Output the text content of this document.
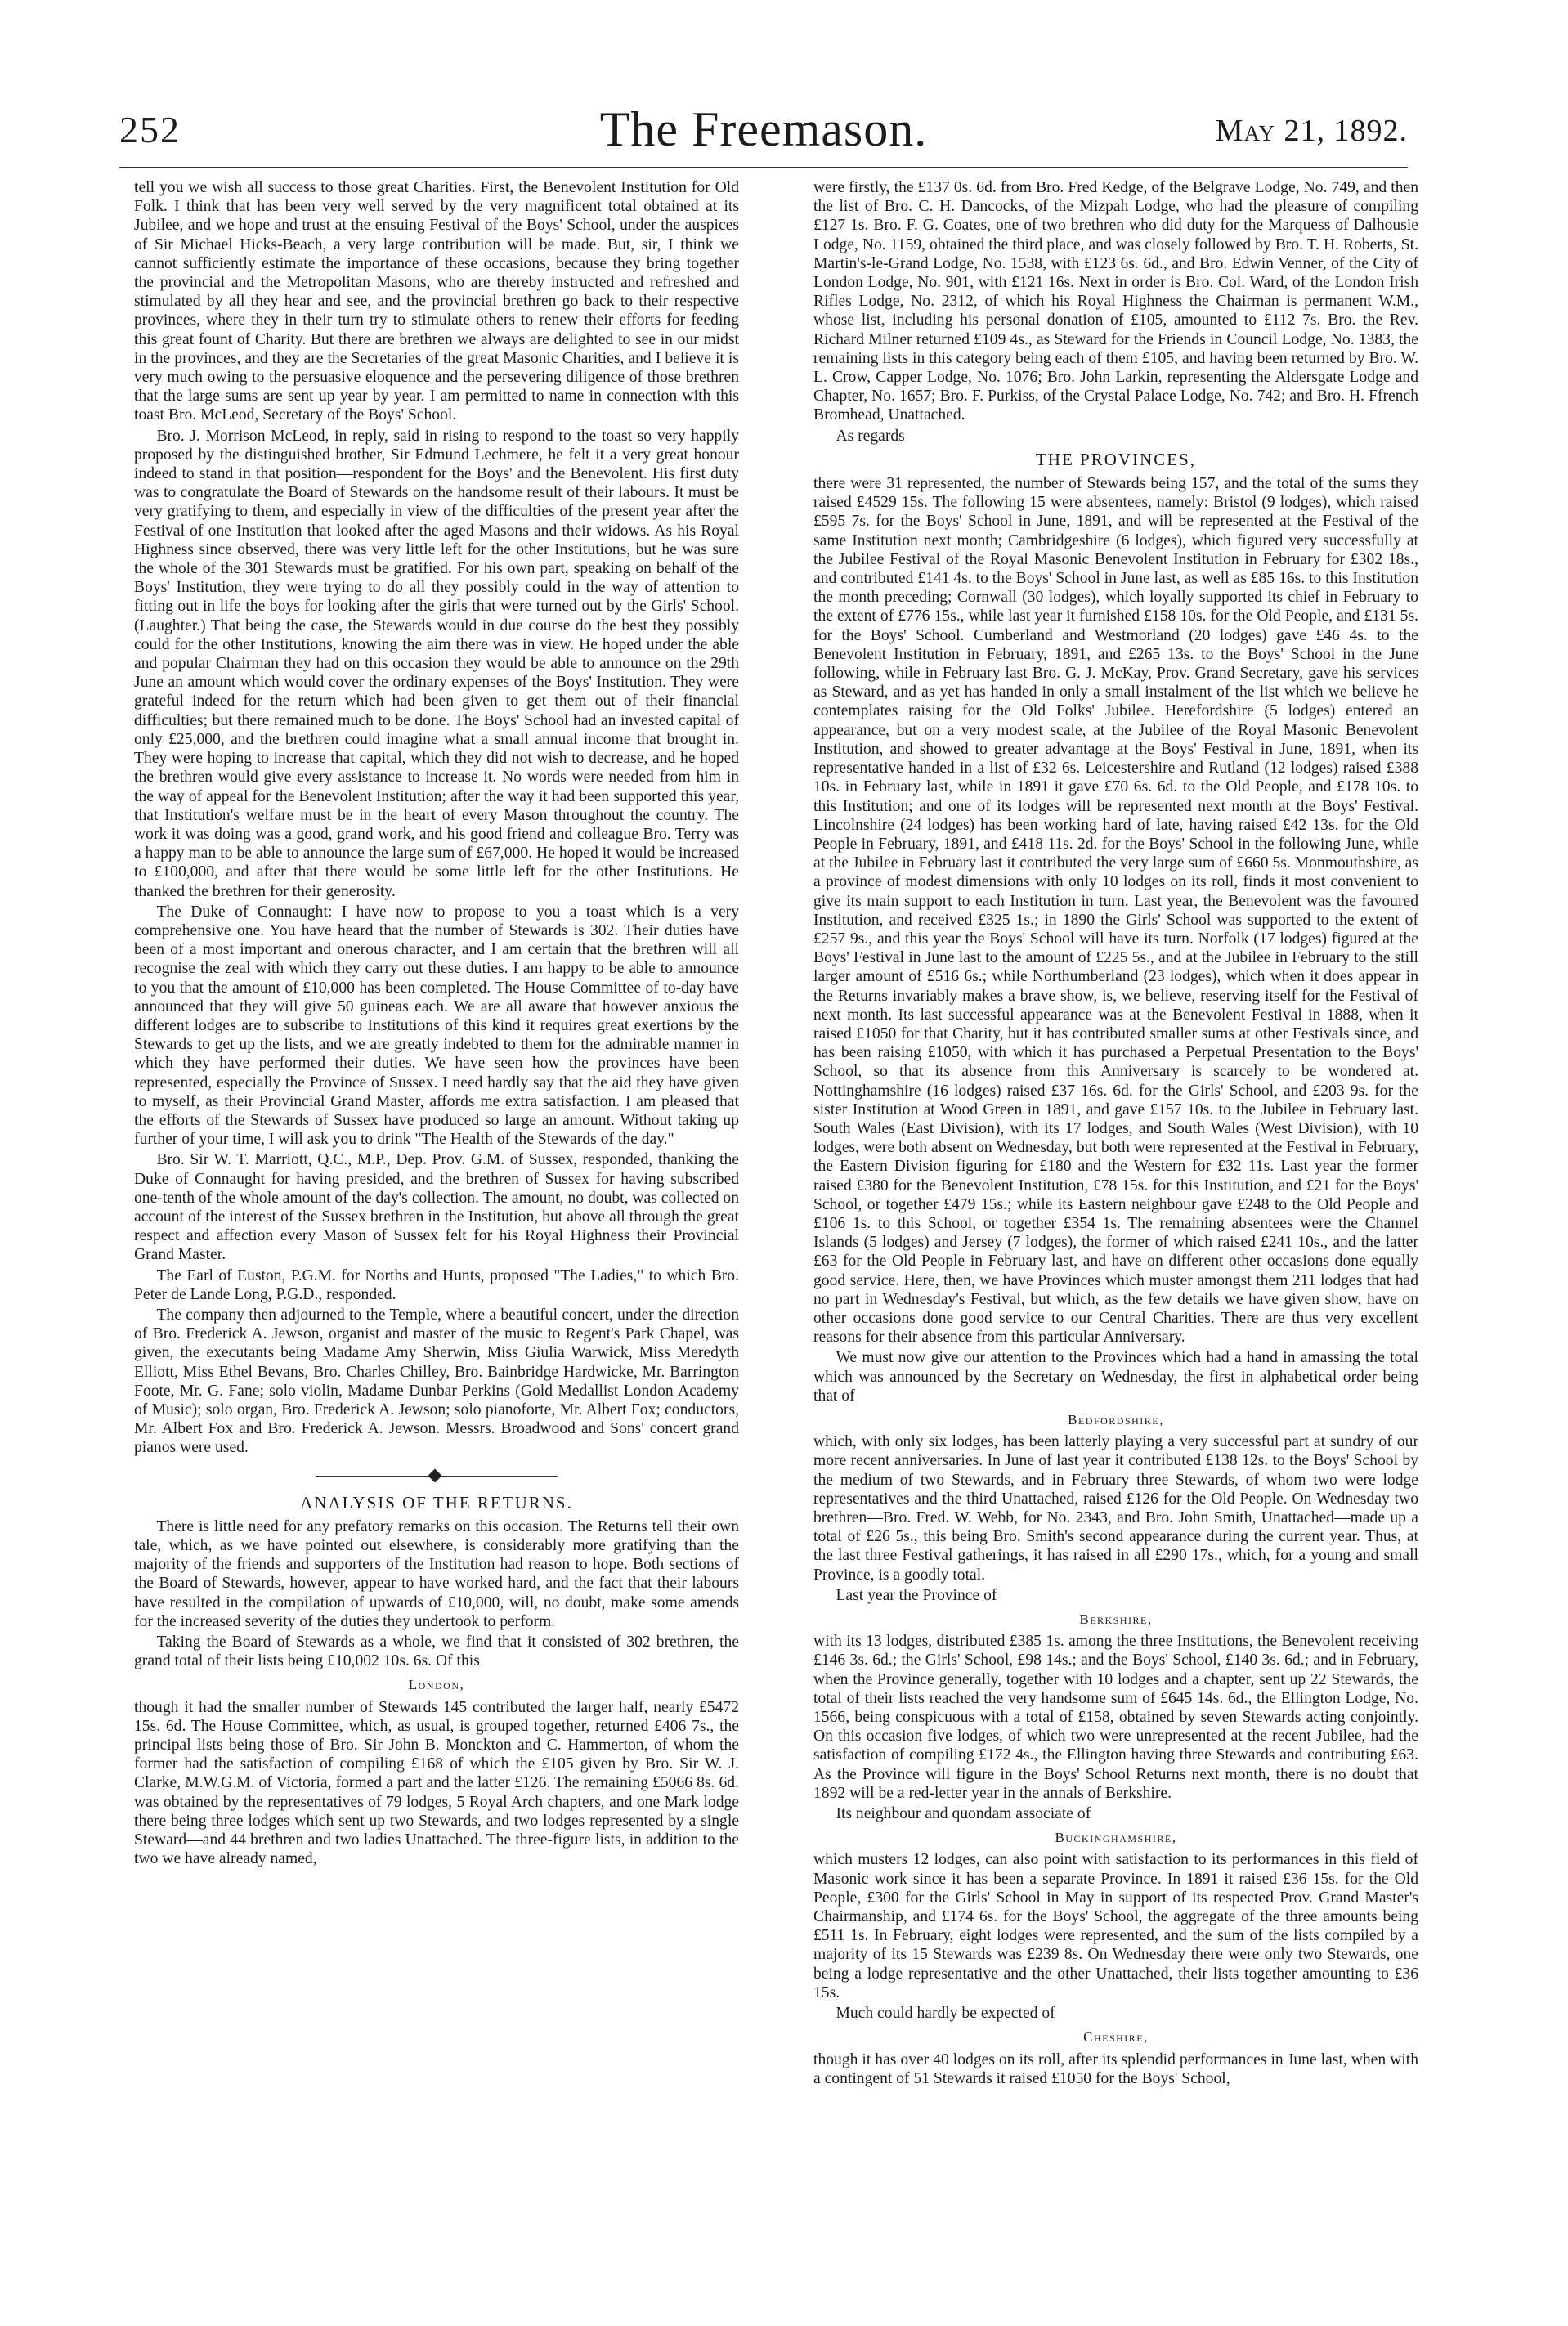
252	The Freemason.	May 21, 1892.

tell you we wish all success to those great Charities. First, the Benevolent Institution for Old Folk. I think that has been very well served by the very magnificent total obtained at its Jubilee, and we hope and trust at the ensuing Festival of the Boys' School, under the auspices of Sir Michael Hicks-Beach, a very large contribution will be made. But, sir, I think we cannot sufficiently estimate the importance of these occasions, because they bring together the provincial and the Metropolitan Masons, who are thereby instructed and refreshed and stimulated by all they hear and see, and the provincial brethren go back to their respective provinces, where they in their turn try to stimulate others to renew their efforts for feeding this great fount of Charity. But there are brethren we always are delighted to see in our midst in the provinces, and they are the Secretaries of the great Masonic Charities, and I believe it is very much owing to the persuasive eloquence and the persevering diligence of those brethren that the large sums are sent up year by year. I am permitted to name in connection with this toast Bro. McLeod, Secretary of the Boys' School.

Bro. J. Morrison McLeod, in reply, said in rising to respond to the toast so very happily proposed by the distinguished brother, Sir Edmund Lechmere, he felt it a very great honour indeed to stand in that position—respondent for the Boys' and the Benevolent. His first duty was to congratulate the Board of Stewards on the handsome result of their labours. It must be very gratifying to them, and especially in view of the difficulties of the present year after the Festival of one Institution that looked after the aged Masons and their widows. As his Royal Highness since observed, there was very little left for the other Institutions, but he was sure the whole of the 301 Stewards must be gratified. For his own part, speaking on behalf of the Boys' Institution, they were trying to do all they possibly could in the way of attention to fitting out in life the boys for looking after the girls that were turned out by the Girls' School. (Laughter.) That being the case, the Stewards would in due course do the best they possibly could for the other Institutions, knowing the aim there was in view. He hoped under the able and popular Chairman they had on this occasion they would be able to announce on the 29th June an amount which would cover the ordinary expenses of the Boys' Institution. They were grateful indeed for the return which had been given to get them out of their financial difficulties; but there remained much to be done. The Boys' School had an invested capital of only £25,000, and the brethren could imagine what a small annual income that brought in. They were hoping to increase that capital, which they did not wish to decrease, and he hoped the brethren would give every assistance to increase it. No words were needed from him in the way of appeal for the Benevolent Institution; after the way it had been supported this year, that Institution's welfare must be in the heart of every Mason throughout the country. The work it was doing was a good, grand work, and his good friend and colleague Bro. Terry was a happy man to be able to announce the large sum of £67,000. He hoped it would be increased to £100,000, and after that there would be some little left for the other Institutions. He thanked the brethren for their generosity.

The Duke of Connaught: I have now to propose to you a toast which is a very comprehensive one. You have heard that the number of Stewards is 302. Their duties have been of a most important and onerous character, and I am certain that the brethren will all recognise the zeal with which they carry out these duties. I am happy to be able to announce to you that the amount of £10,000 has been completed. The House Committee of to-day have announced that they will give 50 guineas each. We are all aware that however anxious the different lodges are to subscribe to Institutions of this kind it requires great exertions by the Stewards to get up the lists, and we are greatly indebted to them for the admirable manner in which they have performed their duties. We have seen how the provinces have been represented, especially the Province of Sussex. I need hardly say that the aid they have given to myself, as their Provincial Grand Master, affords me extra satisfaction. I am pleased that the efforts of the Stewards of Sussex have produced so large an amount. Without taking up further of your time, I will ask you to drink "The Health of the Stewards of the day."

Bro. Sir W. T. Marriott, Q.C., M.P., Dep. Prov. G.M. of Sussex, responded, thanking the Duke of Connaught for having presided, and the brethren of Sussex for having subscribed one-tenth of the whole amount of the day's collection. The amount, no doubt, was collected on account of the interest of the Sussex brethren in the Institution, but above all through the great respect and affection every Mason of Sussex felt for his Royal Highness their Provincial Grand Master.

The Earl of Euston, P.G.M. for Norths and Hunts, proposed "The Ladies," to which Bro. Peter de Lande Long, P.G.D., responded.

The company then adjourned to the Temple, where a beautiful concert, under the direction of Bro. Frederick A. Jewson, organist and master of the music to Regent's Park Chapel, was given, the executants being Madame Amy Sherwin, Miss Giulia Warwick, Miss Meredyth Elliott, Miss Ethel Bevans, Bro. Charles Chilley, Bro. Bainbridge Hardwicke, Mr. Barrington Foote, Mr. G. Fane; solo violin, Madame Dunbar Perkins (Gold Medallist London Academy of Music); solo organ, Bro. Frederick A. Jewson; solo pianoforte, Mr. Albert Fox; conductors, Mr. Albert Fox and Bro. Frederick A. Jewson. Messrs. Broadwood and Sons' concert grand pianos were used.

ANALYSIS OF THE RETURNS.

There is little need for any prefatory remarks on this occasion. The Returns tell their own tale, which, as we have pointed out elsewhere, is considerably more gratifying than the majority of the friends and supporters of the Institution had reason to hope. Both sections of the Board of Stewards, however, appear to have worked hard, and the fact that their labours have resulted in the compilation of upwards of £10,000, will, no doubt, make some amends for the increased severity of the duties they undertook to perform.

Taking the Board of Stewards as a whole, we find that it consisted of 302 brethren, the grand total of their lists being £10,002 10s. 6s. Of this

London,

though it had the smaller number of Stewards 145 contributed the larger half, nearly £5472 15s. 6d. The House Committee, which, as usual, is grouped together, returned £406 7s., the principal lists being those of Bro. Sir John B. Monckton and C. Hammerton, of whom the former had the satisfaction of compiling £168 of which the £105 given by Bro. Sir W. J. Clarke, M.W.G.M. of Victoria, formed a part and the latter £126. The remaining £5066 8s. 6d. was obtained by the representatives of 79 lodges, 5 Royal Arch chapters, and one Mark lodge there being three lodges which sent up two Stewards, and two lodges represented by a single Steward—and 44 brethren and two ladies Unattached. The three-figure lists, in addition to the two we have already named,

were firstly, the £137 0s. 6d. from Bro. Fred Kedge, of the Belgrave Lodge, No. 749, and then the list of Bro. C. H. Dancocks, of the Mizpah Lodge, who had the pleasure of compiling £127 1s. Bro. F. G. Coates, one of two brethren who did duty for the Marquess of Dalhousie Lodge, No. 1159, obtained the third place, and was closely followed by Bro. T. H. Roberts, St. Martin's-le-Grand Lodge, No. 1538, with £123 6s. 6d., and Bro. Edwin Venner, of the City of London Lodge, No. 901, with £121 16s. Next in order is Bro. Col. Ward, of the London Irish Rifles Lodge, No. 2312, of which his Royal Highness the Chairman is permanent W.M., whose list, including his personal donation of £105, amounted to £112 7s. Bro. the Rev. Richard Milner returned £109 4s., as Steward for the Friends in Council Lodge, No. 1383, the remaining lists in this category being each of them £105, and having been returned by Bro. W. L. Crow, Capper Lodge, No. 1076; Bro. John Larkin, representing the Aldersgate Lodge and Chapter, No. 1657; Bro. F. Purkiss, of the Crystal Palace Lodge, No. 742; and Bro. H. Ffrench Bromhead, Unattached.

As regards

THE PROVINCES,

there were 31 represented, the number of Stewards being 157, and the total of the sums they raised £4529 15s. The following 15 were absentees, namely: Bristol (9 lodges), which raised £595 7s. for the Boys' School in June, 1891, and will be represented at the Festival of the same Institution next month; Cambridgeshire (6 lodges), which figured very successfully at the Jubilee Festival of the Royal Masonic Benevolent Institution in February for £302 18s., and contributed £141 4s. to the Boys' School in June last, as well as £85 16s. to this Institution the month preceding; Cornwall (30 lodges), which loyally supported its chief in February to the extent of £776 15s., while last year it furnished £158 10s. for the Old People, and £131 5s. for the Boys' School. Cumberland and Westmorland (20 lodges) gave £46 4s. to the Benevolent Institution in February, 1891, and £265 13s. to the Boys' School in the June following, while in February last Bro. G. J. McKay, Prov. Grand Secretary, gave his services as Steward, and as yet has handed in only a small instalment of the list which we believe he contemplates raising for the Old Folks' Jubilee. Herefordshire (5 lodges) entered an appearance, but on a very modest scale, at the Jubilee of the Royal Masonic Benevolent Institution, and showed to greater advantage at the Boys' Festival in June, 1891, when its representative handed in a list of £32 6s. Leicestershire and Rutland (12 lodges) raised £388 10s. in February last, while in 1891 it gave £70 6s. 6d. to the Old People, and £178 10s. to this Institution; and one of its lodges will be represented next month at the Boys' Festival. Lincolnshire (24 lodges) has been working hard of late, having raised £42 13s. for the Old People in February, 1891, and £418 11s. 2d. for the Boys' School in the following June, while at the Jubilee in February last it contributed the very large sum of £660 5s. Monmouthshire, as a province of modest dimensions with only 10 lodges on its roll, finds it most convenient to give its main support to each Institution in turn. Last year, the Benevolent was the favoured Institution, and received £325 1s.; in 1890 the Girls' School was supported to the extent of £257 9s., and this year the Boys' School will have its turn. Norfolk (17 lodges) figured at the Boys' Festival in June last to the amount of £225 5s., and at the Jubilee in February to the still larger amount of £516 6s.; while Northumberland (23 lodges), which when it does appear in the Returns invariably makes a brave show, is, we believe, reserving itself for the Festival of next month. Its last successful appearance was at the Benevolent Festival in 1888, when it raised £1050 for that Charity, but it has contributed smaller sums at other Festivals since, and has been raising £1050, with which it has purchased a Perpetual Presentation to the Boys' School, so that its absence from this Anniversary is scarcely to be wondered at. Nottinghamshire (16 lodges) raised £37 16s. 6d. for the Girls' School, and £203 9s. for the sister Institution at Wood Green in 1891, and gave £157 10s. to the Jubilee in February last. South Wales (East Division), with its 17 lodges, and South Wales (West Division), with 10 lodges, were both absent on Wednesday, but both were represented at the Festival in February, the Eastern Division figuring for £180 and the Western for £32 11s. Last year the former raised £380 for the Benevolent Institution, £78 15s. for this Institution, and £21 for the Boys' School, or together £479 15s.; while its Eastern neighbour gave £248 to the Old People and £106 1s. to this School, or together £354 1s. The remaining absentees were the Channel Islands (5 lodges) and Jersey (7 lodges), the former of which raised £241 10s., and the latter £63 for the Old People in February last, and have on different other occasions done equally good service. Here, then, we have Provinces which muster amongst them 211 lodges that had no part in Wednesday's Festival, but which, as the few details we have given show, have on other occasions done good service to our Central Charities. There are thus very excellent reasons for their absence from this particular Anniversary.

We must now give our attention to the Provinces which had a hand in amassing the total which was announced by the Secretary on Wednesday, the first in alphabetical order being that of

Bedfordshire,

which, with only six lodges, has been latterly playing a very successful part at sundry of our more recent anniversaries. In June of last year it contributed £138 12s. to the Boys' School by the medium of two Stewards, and in February three Stewards, of whom two were lodge representatives and the third Unattached, raised £126 for the Old People. On Wednesday two brethren—Bro. Fred. W. Webb, for No. 2343, and Bro. John Smith, Unattached—made up a total of £26 5s., this being Bro. Smith's second appearance during the current year. Thus, at the last three Festival gatherings, it has raised in all £290 17s., which, for a young and small Province, is a goodly total.

Last year the Province of

Berkshire,

with its 13 lodges, distributed £385 1s. among the three Institutions, the Benevolent receiving £146 3s. 6d.; the Girls' School, £98 14s.; and the Boys' School, £140 3s. 6d.; and in February, when the Province generally, together with 10 lodges and a chapter, sent up 22 Stewards, the total of their lists reached the very handsome sum of £645 14s. 6d., the Ellington Lodge, No. 1566, being conspicuous with a total of £158, obtained by seven Stewards acting conjointly. On this occasion five lodges, of which two were unrepresented at the recent Jubilee, had the satisfaction of compiling £172 4s., the Ellington having three Stewards and contributing £63. As the Province will figure in the Boys' School Returns next month, there is no doubt that 1892 will be a red-letter year in the annals of Berkshire.

Its neighbour and quondam associate of

Buckinghamshire,

which musters 12 lodges, can also point with satisfaction to its performances in this field of Masonic work since it has been a separate Province. In 1891 it raised £36 15s. for the Old People, £300 for the Girls' School in May in support of its respected Prov. Grand Master's Chairmanship, and £174 6s. for the Boys' School, the aggregate of the three amounts being £511 1s. In February, eight lodges were represented, and the sum of the lists compiled by a majority of its 15 Stewards was £239 8s. On Wednesday there were only two Stewards, one being a lodge representative and the other Unattached, their lists together amounting to £36 15s.

Much could hardly be expected of

Cheshire,

though it has over 40 lodges on its roll, after its splendid performances in June last, when with a contingent of 51 Stewards it raised £1050 for the Boys' School,
